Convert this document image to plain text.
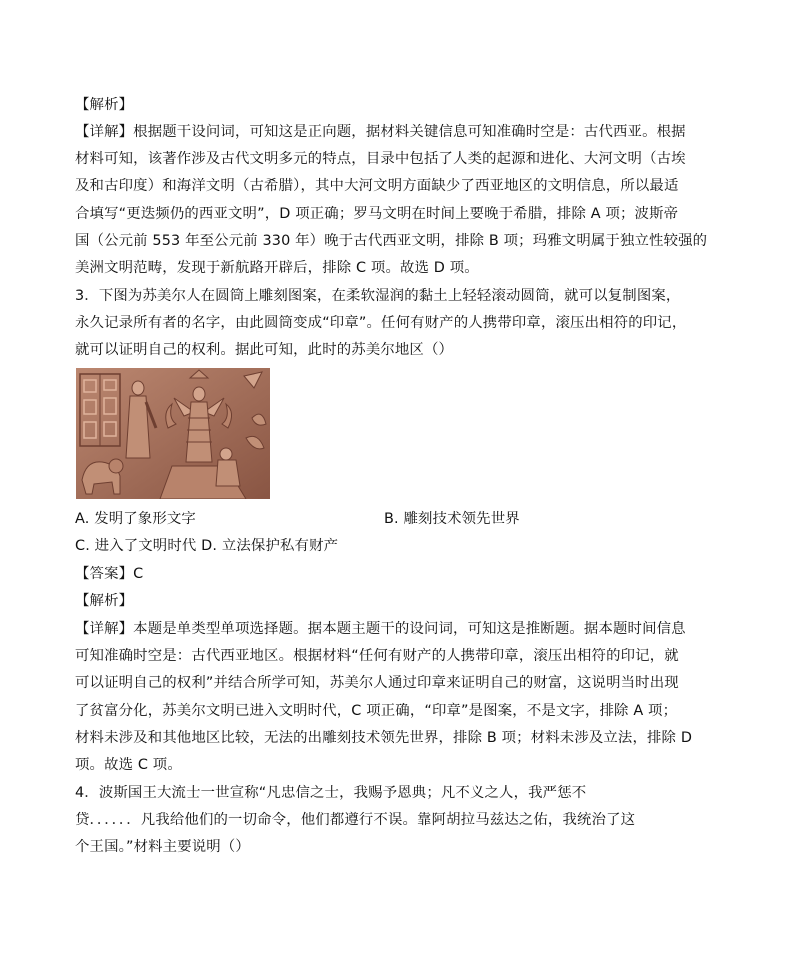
【解析】
【详解】根据题干设问词，可知这是正向题，据材料关键信息可知准确时空是：古代西亚。根据
材料可知，该著作涉及古代文明多元的特点，目录中包括了人类的起源和进化、大河文明（古埃
及和古印度）和海洋文明（古希腊），其中大河文明方面缺少了西亚地区的文明信息，所以最适
合填写“更迭频仍的西亚文明”，D 项正确；罗马文明在时间上要晚于希腊，排除 A 项；波斯帝
国（公元前 553 年至公元前 330 年）晚于古代西亚文明，排除 B 项；玛雅文明属于独立性较强的
美洲文明范畴，发现于新航路开辟后，排除 C 项。故选 D 项。
3．下图为苏美尔人在圆筒上雕刻图案，在柔软湿润的黏土上轻轻滚动圆筒，就可以复制图案，
永久记录所有者的名字，由此圆筒变成“印章”。任何有财产的人携带印章，滚压出相符的印记，
就可以证明自己的权利。据此可知，此时的苏美尔地区（）
A. 发明了象形文字	B. 雕刻技术领先世界
C. 进入了文明时代 D. 立法保护私有财产
【答案】C
【解析】
【详解】本题是单类型单项选择题。据本题主题干的设问词，可知这是推断题。据本题时间信息
可知准确时空是：古代西亚地区。根据材料“任何有财产的人携带印章，滚压出相符的印记，就
可以证明自己的权利”并结合所学可知，苏美尔人通过印章来证明自己的财富，这说明当时出现
了贫富分化，苏美尔文明已进入文明时代，C 项正确，“印章”是图案，不是文字，排除 A 项；
材料未涉及和其他地区比较，无法的出雕刻技术领先世界，排除 B 项；材料未涉及立法，排除 D
项。故选 C 项。
4．波斯国王大流士一世宣称“凡忠信之士，我赐予恩典；凡不义之人，我严惩不
贷．．．．．．凡我给他们的一切命令，他们都遵行不误。靠阿胡拉马兹达之佑，我统治了这
个王国。”材料主要说明（）
